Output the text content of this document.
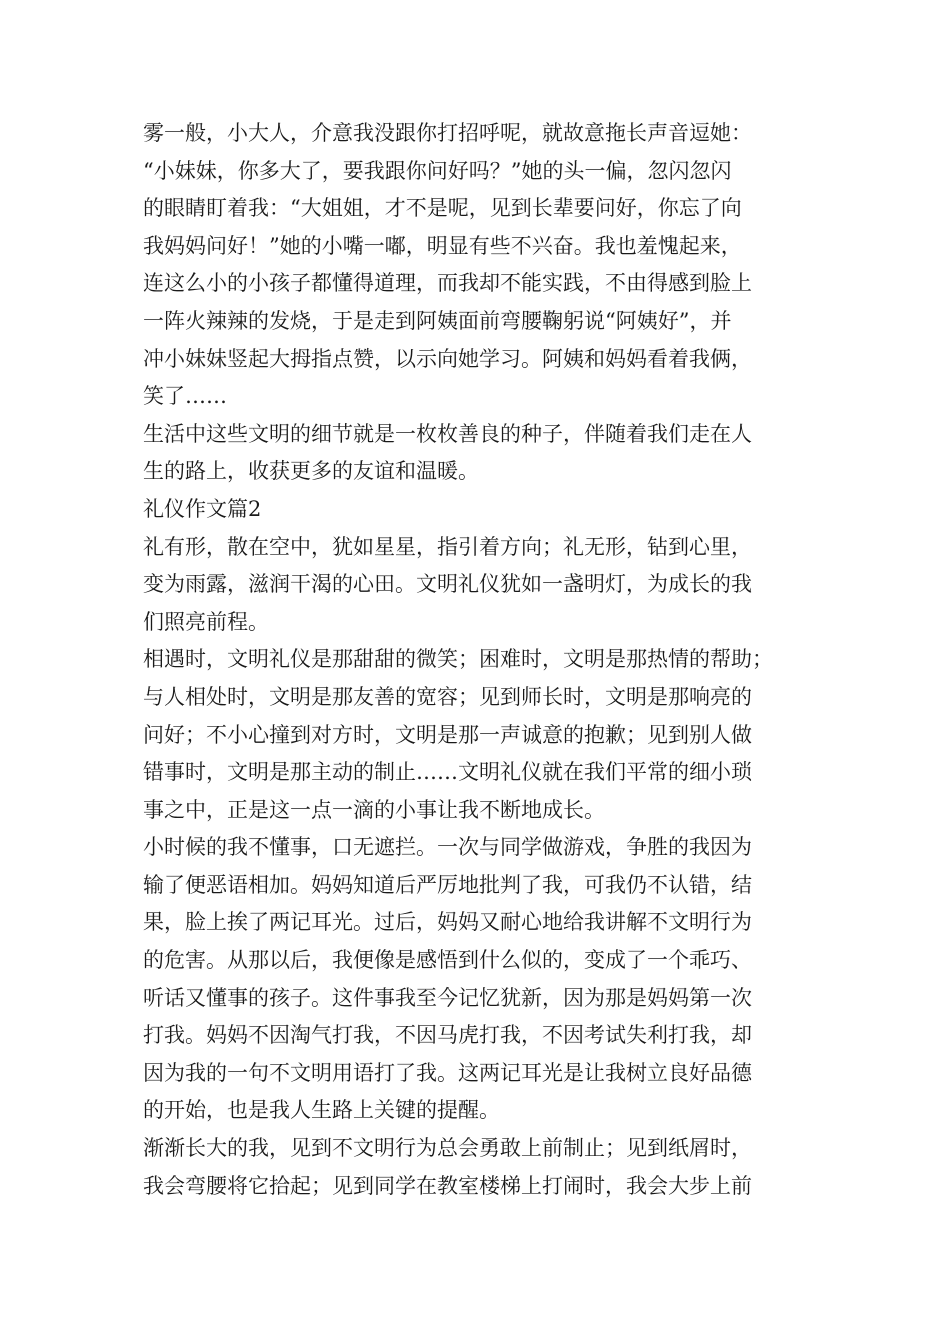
雾一般，小大人，介意我没跟你打招呼呢，就故意拖长声音逗她：
“小妹妹，你多大了，要我跟你问好吗？”她的头一偏，忽闪忽闪
的眼睛盯着我：“大姐姐，才不是呢，见到长辈要问好，你忘了向
我妈妈问好！”她的小嘴一嘟，明显有些不兴奋。我也羞愧起来，
连这么小的小孩子都懂得道理，而我却不能实践，不由得感到脸上
一阵火辣辣的发烧，于是走到阿姨面前弯腰鞠躬说“阿姨好”，并
冲小妹妹竖起大拇指点赞，以示向她学习。阿姨和妈妈看着我俩，
笑了……
生活中这些文明的细节就是一枚枚善良的种子，伴随着我们走在人
生的路上，收获更多的友谊和温暖。
礼仪作文篇2
礼有形，散在空中，犹如星星，指引着方向；礼无形，钻到心里，
变为雨露，滋润干渴的心田。文明礼仪犹如一盏明灯，为成长的我
们照亮前程。
相遇时，文明礼仪是那甜甜的微笑；困难时，文明是那热情的帮助；
与人相处时，文明是那友善的宽容；见到师长时，文明是那响亮的
问好；不小心撞到对方时，文明是那一声诚意的抱歉；见到别人做
错事时，文明是那主动的制止……文明礼仪就在我们平常的细小琐
事之中，正是这一点一滴的小事让我不断地成长。
小时候的我不懂事，口无遮拦。一次与同学做游戏，争胜的我因为
输了便恶语相加。妈妈知道后严厉地批判了我，可我仍不认错，结
果，脸上挨了两记耳光。过后，妈妈又耐心地给我讲解不文明行为
的危害。从那以后，我便像是感悟到什么似的，变成了一个乖巧、
听话又懂事的孩子。这件事我至今记忆犹新，因为那是妈妈第一次
打我。妈妈不因淘气打我，不因马虎打我，不因考试失利打我，却
因为我的一句不文明用语打了我。这两记耳光是让我树立良好品德
的开始，也是我人生路上关键的提醒。
渐渐长大的我，见到不文明行为总会勇敢上前制止；见到纸屑时，
我会弯腰将它拾起；见到同学在教室楼梯上打闹时，我会大步上前
